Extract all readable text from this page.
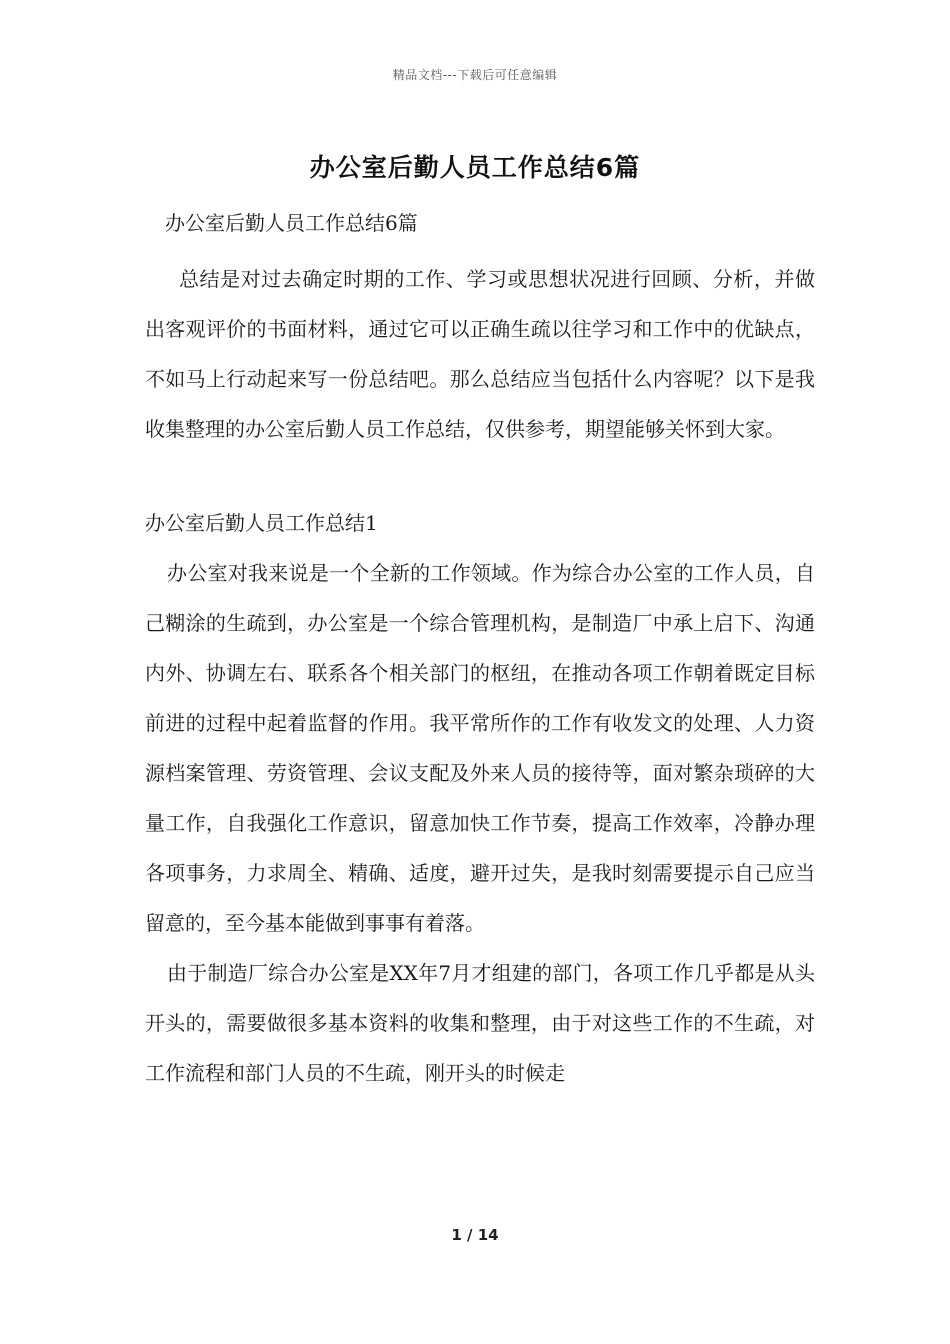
精品文档---下载后可任意编辑
办公室后勤人员工作总结6篇
办公室后勤人员工作总结6篇

总结是对过去确定时期的工作、学习或思想状况进行回顾、分析，并做出客观评价的书面材料，通过它可以正确生疏以往学习和工作中的优缺点，不如马上行动起来写一份总结吧。那么总结应当包括什么内容呢？以下是我收集整理的办公室后勤人员工作总结，仅供参考，期望能够关怀到大家。

办公室后勤人员工作总结1

办公室对我来说是一个全新的工作领域。作为综合办公室的工作人员，自己糊涂的生疏到，办公室是一个综合管理机构，是制造厂中承上启下、沟通内外、协调左右、联系各个相关部门的枢纽，在推动各项工作朝着既定目标前进的过程中起着监督的作用。我平常所作的工作有收发文的处理、人力资源档案管理、劳资管理、会议支配及外来人员的接待等，面对繁杂琐碎的大量工作，自我强化工作意识，留意加快工作节奏，提高工作效率，冷静办理各项事务，力求周全、精确、适度，避开过失，是我时刻需要提示自己应当留意的，至今基本能做到事事有着落。

由于制造厂综合办公室是XX年7月才组建的部门，各项工作几乎都是从头开头的，需要做很多基本资料的收集和整理，由于对这些工作的不生疏，对工作流程和部门人员的不生疏，刚开头的时候走

1 / 14
